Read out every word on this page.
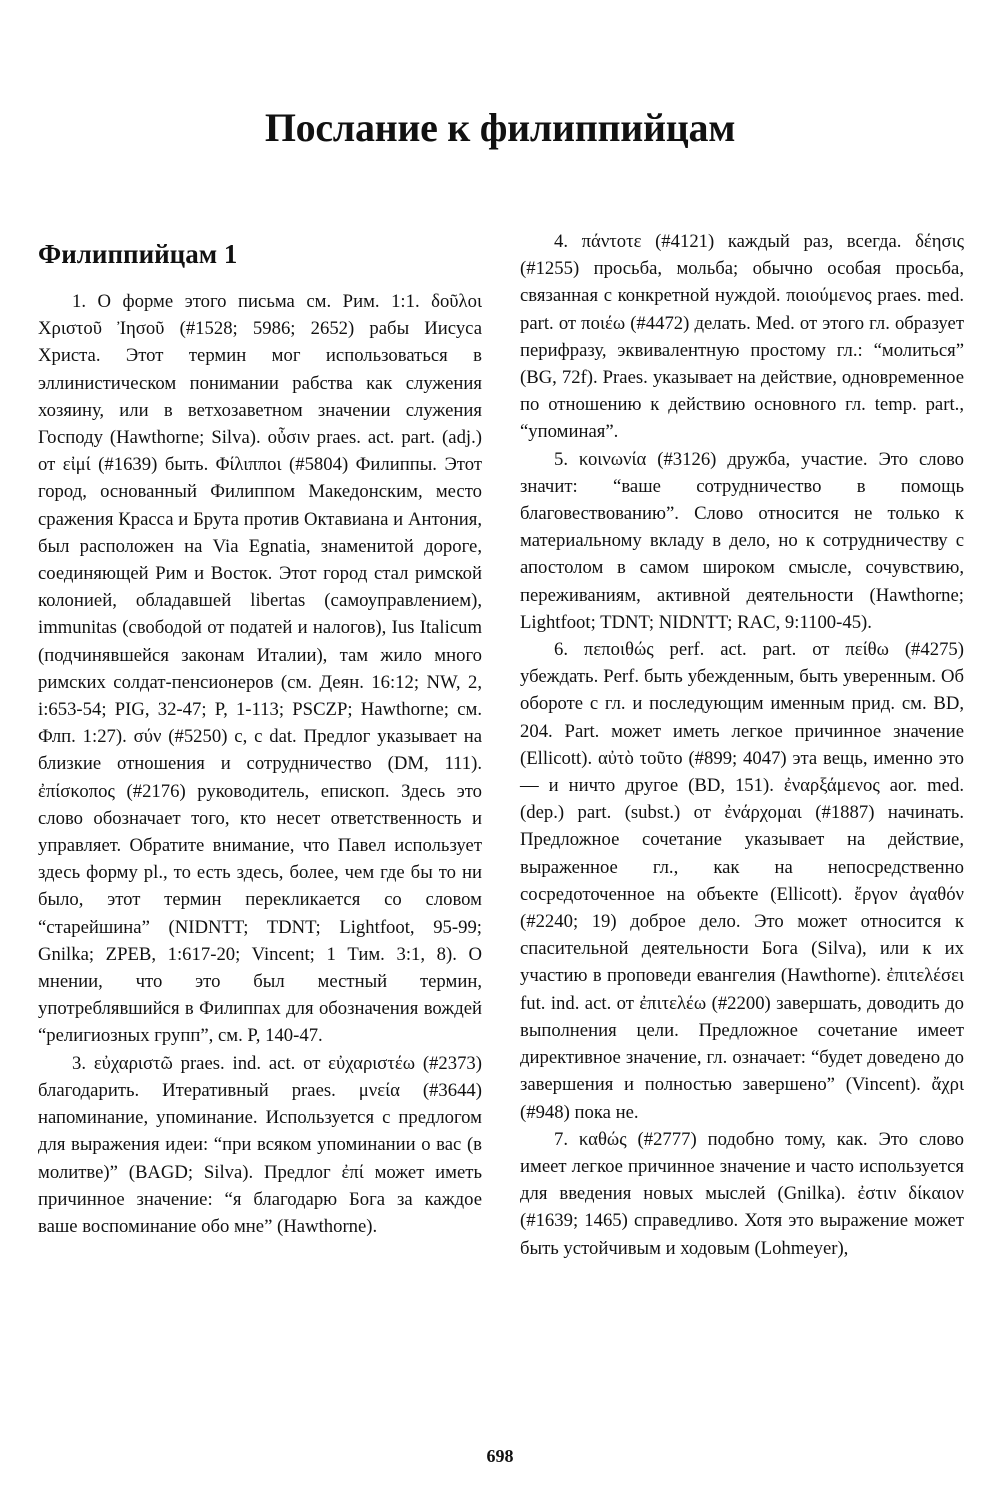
Послание к филиппийцам
Филиппийцам 1

1. О форме этого письма см. Рим. 1:1. δοῦλοι Χριστοῦ Ἰησοῦ (#1528; 5986; 2652) рабы Иисуса Христа. Этот термин мог использоваться в эллинистическом понимании рабства как служения хозяину, или в ветхозаветном значении служения Господу (Hawthorne; Silva). οὖσιν praes. act. part. (adj.) от εἰμί (#1639) быть. Φίλιπποι (#5804) Филиппы. Этот город, основанный Филиппом Македонским, место сражения Красса и Брута против Октавиана и Антония, был расположен на Via Egnatia, знаменитой дороге, соединяющей Рим и Восток. Этот город стал римской колонией, обладавшей libertas (самоуправлением), immunitas (свободой от податей и налогов), Ius Italicum (подчинявшейся законам Италии), там жило много римских солдат-пенсионеров (см. Деян. 16:12; NW, 2, i:653-54; PIG, 32-47; P, 1-113; PSCZP; Hawthorne; см. Флп. 1:27). σύν (#5250) с, с dat. Предлог указывает на близкие отношения и сотрудничество (DM, 111). ἐπίσκοπος (#2176) руководитель, епископ. Здесь это слово обозначает того, кто несет ответственность и управляет. Обратите внимание, что Павел использует здесь форму pl., то есть здесь, более, чем где бы то ни было, этот термин перекликается со словом “старейшина” (NIDNTT; TDNT; Lightfoot, 95-99; Gnilka; ZPEB, 1:617-20; Vincent; 1 Тим. 3:1, 8). О мнении, что это был местный термин, употреблявшийся в Филиппах для обозначения вождей “религиозных групп”, см. P, 140-47.

3. εὐχαριστῶ praes. ind. act. от εὐχαριστέω (#2373) благодарить. Итеративный praes. μνεία (#3644) напоминание, упоминание. Используется с предлогом для выражения идеи: “при всяком упоминании о вас (в молитве)” (BAGD; Silva). Предлог ἐπί может иметь причинное значение: “я благодарю Бога за каждое ваше воспоминание обо мне” (Hawthorne).

4. πάντοτε (#4121) каждый раз, всегда. δέησις (#1255) просьба, мольба; обычно особая просьба, связанная с конкретной нуждой. ποιούμενος praes. med. part. от ποιέω (#4472) делать. Med. от этого гл. образует перифразу, эквивалентную простому гл.: “молиться” (BG, 72f). Praes. указывает на действие, одновременное по отношению к действию основного гл. temp. part., “упоминая”.

5. κοινωνία (#3126) дружба, участие. Это слово значит: “ваше сотрудничество в помощь благовествованию”. Слово относится не только к материальному вкладу в дело, но к сотрудничеству с апостолом в самом широком смысле, сочувствию, переживаниям, активной деятельности (Hawthorne; Lightfoot; TDNT; NIDNTT; RAC, 9:1100-45).

6. πεποιθώς perf. act. part. от πείθω (#4275) убеждать. Perf. быть убежденным, быть уверенным. Об обороте с гл. и последующим именным прид. см. BD, 204. Part. может иметь легкое причинное значение (Ellicott). αὐτὸ τοῦτο (#899; 4047) эта вещь, именно это — и ничто другое (BD, 151). ἐναρξάμενος aor. med. (dep.) part. (subst.) от ἐνάρχομαι (#1887) начинать. Предложное сочетание указывает на действие, выраженное гл., как на непосредственно сосредоточенное на объекте (Ellicott). ἔργον ἀγαθόν (#2240; 19) доброе дело. Это может относится к спасительной деятельности Бога (Silva), или к их участию в проповеди евангелия (Hawthorne). ἐπιτελέσει fut. ind. act. от ἐπιτελέω (#2200) завершать, доводить до выполнения цели. Предложное сочетание имеет директивное значение, гл. означает: “будет доведено до завершения и полностью завершено” (Vincent). ἄχρι (#948) пока не.

7. καθώς (#2777) подобно тому, как. Это слово имеет легкое причинное значение и часто используется для введения новых мыслей (Gnilka). ἐστιν δίκαιον (#1639; 1465) справедливо. Хотя это выражение может быть устойчивым и ходовым (Lohmeyer),

698
